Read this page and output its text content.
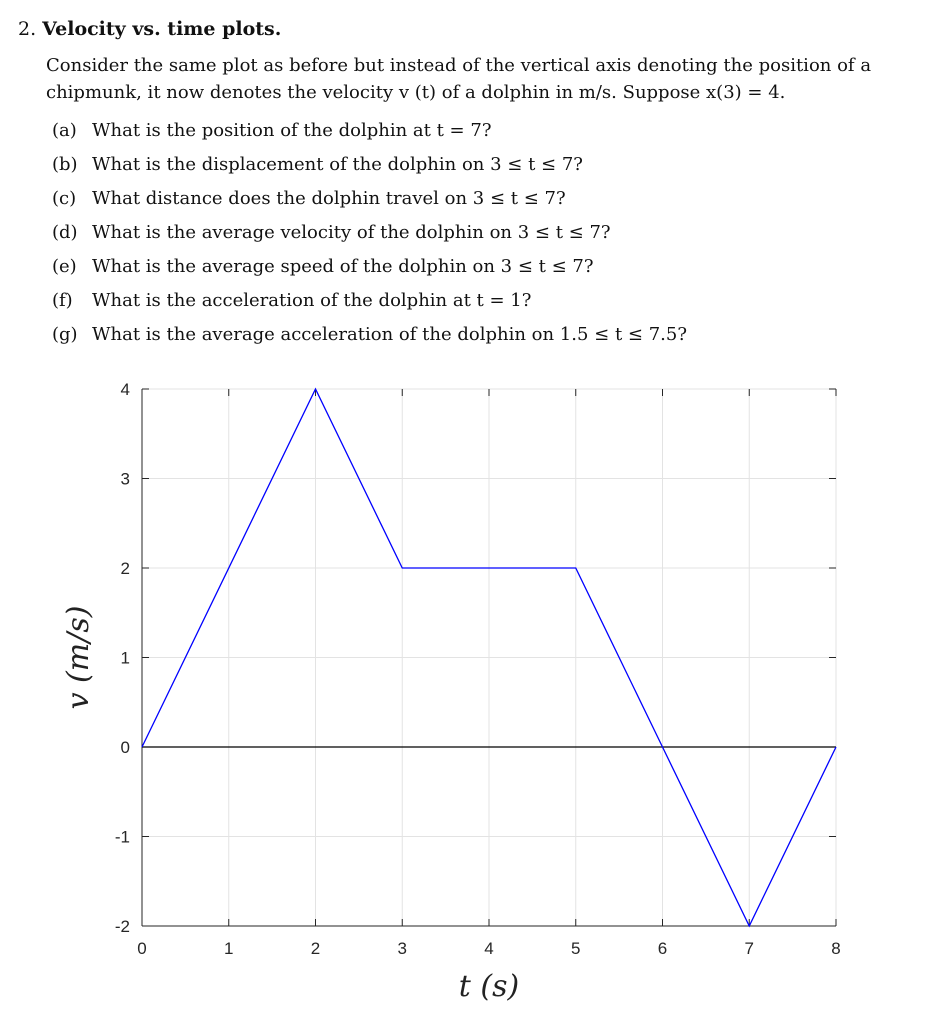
2. Velocity vs. time plots.
Consider the same plot as before but instead of the vertical axis denoting the position of a
chipmunk, it now denotes the velocity v (t) of a dolphin in m/s. Suppose x(3) = 4.
(a) What is the position of the dolphin at t = 7?
(b) What is the displacement of the dolphin on 3 ≤ t ≤ 7?
(c) What distance does the dolphin travel on 3 ≤ t ≤ 7?
(d) What is the average velocity of the dolphin on 3 ≤ t ≤ 7?
(e) What is the average speed of the dolphin on 3 ≤ t ≤ 7?
(f) What is the acceleration of the dolphin at t = 1?
(g) What is the average acceleration of the dolphin on 1.5 ≤ t ≤ 7.5?
0	1	2	3	4	5	6	7	8
-2
-1
0
1
2
3
4
t (s)
v (m/s)
